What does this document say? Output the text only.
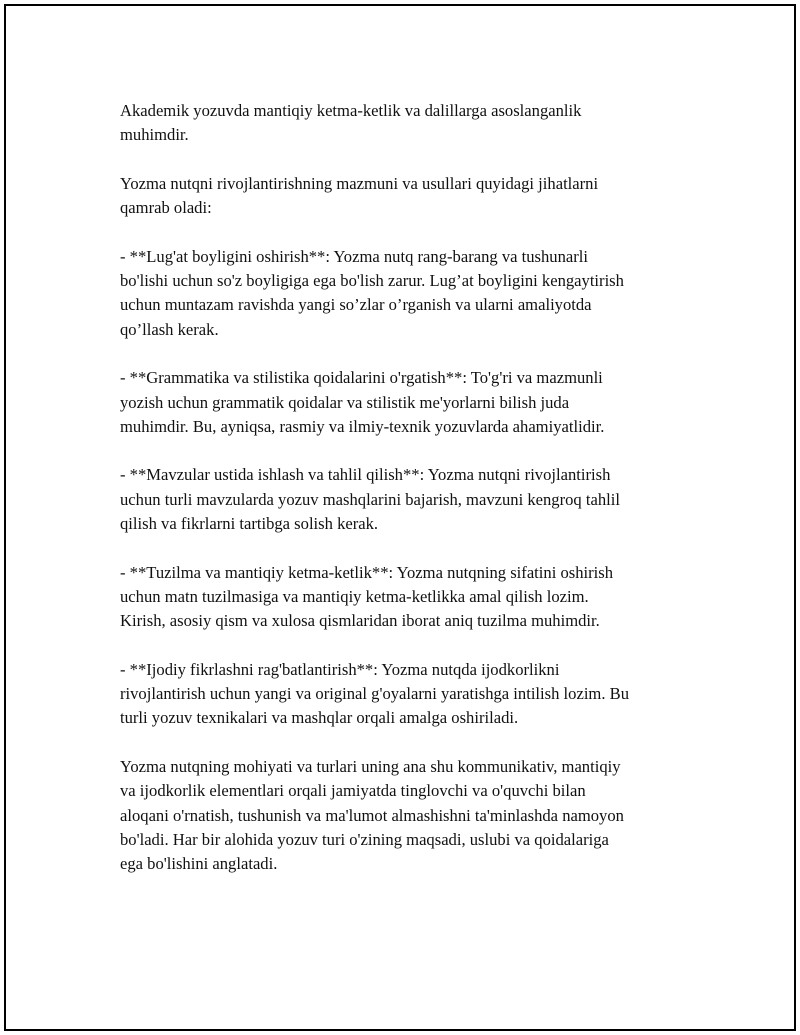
Akademik yozuvda mantiqiy ketma-ketlik va dalillarga asoslanganlik
muhimdir.

Yozma nutqni rivojlantirishning mazmuni va usullari quyidagi jihatlarni
qamrab oladi:

- **Lug'at boyligini oshirish**: Yozma nutq rang-barang va tushunarli
bo'lishi uchun so'z boyligiga ega bo'lish zarur. Lug’at boyligini kengaytirish
uchun muntazam ravishda yangi so’zlar o’rganish va ularni amaliyotda
qo’llash kerak.

- **Grammatika va stilistika qoidalarini o'rgatish**: To'g'ri va mazmunli
yozish uchun grammatik qoidalar va stilistik me'yorlarni bilish juda
muhimdir. Bu, ayniqsa, rasmiy va ilmiy-texnik yozuvlarda ahamiyatlidir.

- **Mavzular ustida ishlash va tahlil qilish**: Yozma nutqni rivojlantirish
uchun turli mavzularda yozuv mashqlarini bajarish, mavzuni kengroq tahlil
qilish va fikrlarni tartibga solish kerak.

- **Tuzilma va mantiqiy ketma-ketlik**: Yozma nutqning sifatini oshirish
uchun matn tuzilmasiga va mantiqiy ketma-ketlikka amal qilish lozim.
Kirish, asosiy qism va xulosa qismlaridan iborat aniq tuzilma muhimdir.

- **Ijodiy fikrlashni rag'batlantirish**: Yozma nutqda ijodkorlikni
rivojlantirish uchun yangi va original g'oyalarni yaratishga intilish lozim. Bu
turli yozuv texnikalari va mashqlar orqali amalga oshiriladi.

Yozma nutqning mohiyati va turlari uning ana shu kommunikativ, mantiqiy
va ijodkorlik elementlari orqali jamiyatda tinglovchi va o'quvchi bilan
aloqani o'rnatish, tushunish va ma'lumot almashishni ta'minlashda namoyon
bo'ladi. Har bir alohida yozuv turi o'zining maqsadi, uslubi va qoidalariga
ega bo'lishini anglatadi.
